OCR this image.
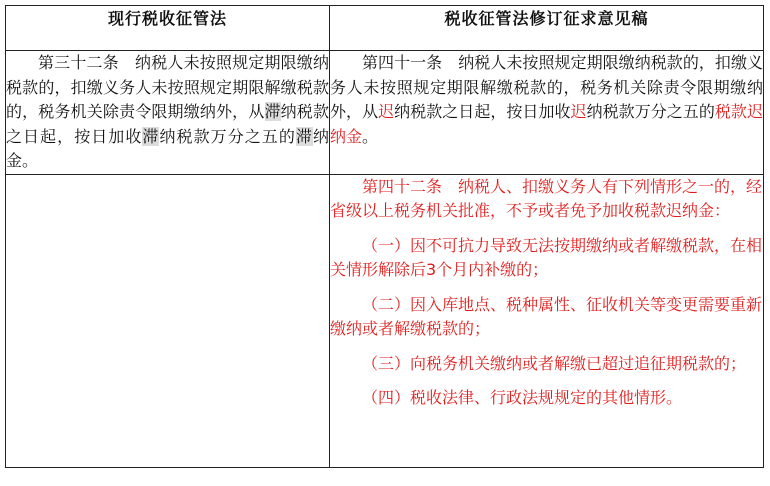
现行税收征管法	税收征管法修订征求意见稿

第三十二条　纳税人未按照规定期限缴纳税款的，扣缴义务人未按照规定期限解缴税款的，税务机关除责令限期缴纳外，从滞纳税款之日起，按日加收滞纳税款万分之五的滞纳金。	第四十一条　纳税人未按照规定期限缴纳税款的，扣缴义务人未按照规定期限解缴税款的，税务机关除责令限期缴纳外，从迟纳税款之日起，按日加收迟纳税款万分之五的税款迟纳金。

	第四十二条　纳税人、扣缴义务人有下列情形之一的，经省级以上税务机关批准，不予或者免予加收税款迟纳金：

（一）因不可抗力导致无法按期缴纳或者解缴税款，在相关情形解除后3个月内补缴的；

（二）因入库地点、税种属性、征收机关等变更需要重新缴纳或者解缴税款的；

（三）向税务机关缴纳或者解缴已超过追征期税款的；

（四）税收法律、行政法规规定的其他情形。
